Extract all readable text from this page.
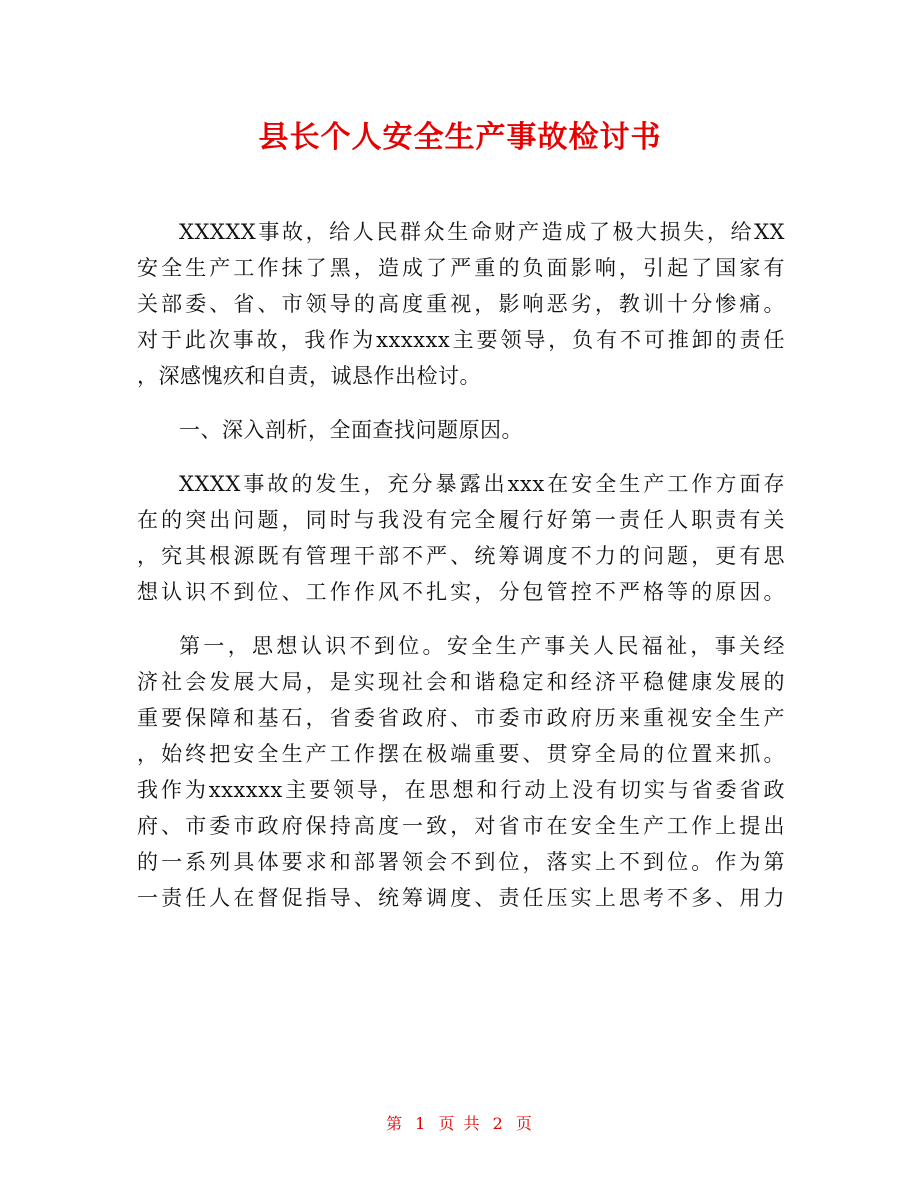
县长个人安全生产事故检讨书
XXXXX事故，给人民群众生命财产造成了极大损失，给XX
安全生产工作抹了黑，造成了严重的负面影响，引起了国家有
关部委、省、市领导的高度重视，影响恶劣，教训十分惨痛。
对于此次事故，我作为xxxxxx主要领导，负有不可推卸的责任
，深感愧疚和自责，诚恳作出检讨。
一、深入剖析，全面查找问题原因。
XXXX事故的发生，充分暴露出xxx在安全生产工作方面存
在的突出问题，同时与我没有完全履行好第一责任人职责有关
，究其根源既有管理干部不严、统筹调度不力的问题，更有思
想认识不到位、工作作风不扎实，分包管控不严格等的原因。
第一，思想认识不到位。安全生产事关人民福祉，事关经
济社会发展大局，是实现社会和谐稳定和经济平稳健康发展的
重要保障和基石，省委省政府、市委市政府历来重视安全生产
，始终把安全生产工作摆在极端重要、贯穿全局的位置来抓。
我作为xxxxxx主要领导，在思想和行动上没有切实与省委省政
府、市委市政府保持高度一致，对省市在安全生产工作上提出
的一系列具体要求和部署领会不到位，落实上不到位。作为第
一责任人在督促指导、统筹调度、责任压实上思考不多、用力
第 1 页 共 2 页
